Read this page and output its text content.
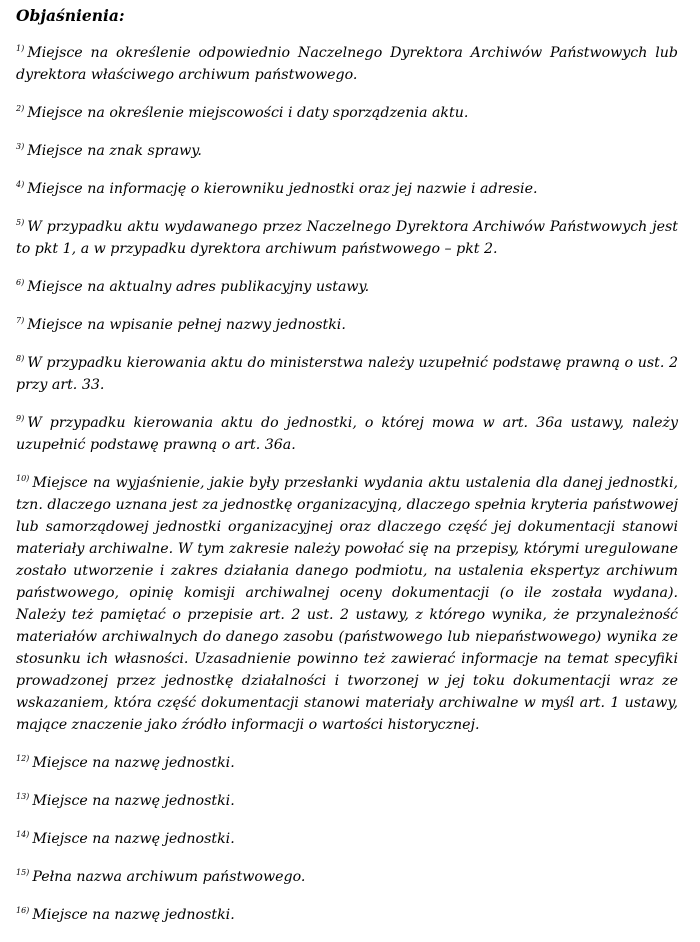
Objaśnienia:

$^{1)}$ Miejsce na określenie odpowiednio Naczelnego Dyrektora Archiwów Państwowych lub dyrektora właściwego archiwum państwowego.

$^{2)}$ Miejsce na określenie miejscowości i daty sporządzenia aktu.

$^{3)}$ Miejsce na znak sprawy.

$^{4)}$ Miejsce na informację o kierowniku jednostki oraz jej nazwie i adresie.

$^{5)}$ W przypadku aktu wydawanego przez Naczelnego Dyrektora Archiwów Państwowych jest to pkt 1, a w przypadku dyrektora archiwum państwowego – pkt 2.

$^{6)}$ Miejsce na aktualny adres publikacyjny ustawy.

$^{7)}$ Miejsce na wpisanie pełnej nazwy jednostki.

$^{8)}$ W przypadku kierowania aktu do ministerstwa należy uzupełnić podstawę prawną o ust. 2 przy art. 33.

$^{9)}$ W przypadku kierowania aktu do jednostki, o której mowa w art. 36a ustawy, należy uzupełnić podstawę prawną o art. 36a.

$^{10)}$ Miejsce na wyjaśnienie, jakie były przesłanki wydania aktu ustalenia dla danej jednostki, tzn. dlaczego uznana jest za jednostkę organizacyjną, dlaczego spełnia kryteria państwowej lub samorządowej jednostki organizacyjnej oraz dlaczego część jej dokumentacji stanowi materiały archiwalne. W tym zakresie należy powołać się na przepisy, którymi uregulowane zostało utworzenie i zakres działania danego podmiotu, na ustalenia ekspertyz archiwum państwowego, opinię komisji archiwalnej oceny dokumentacji (o ile została wydana). Należy też pamiętać o przepisie art. 2 ust. 2 ustawy, z którego wynika, że przynależność materiałów archiwalnych do danego zasobu (państwowego lub niepaństwowego) wynika ze stosunku ich własności. Uzasadnienie powinno też zawierać informacje na temat specyfiki prowadzonej przez jednostkę działalności i tworzonej w jej toku dokumentacji wraz ze wskazaniem, która część dokumentacji stanowi materiały archiwalne w myśl art. 1 ustawy, mające znaczenie jako źródło informacji o wartości historycznej.

$^{12)}$ Miejsce na nazwę jednostki.

$^{13)}$ Miejsce na nazwę jednostki.

$^{14)}$ Miejsce na nazwę jednostki.

$^{15)}$ Pełna nazwa archiwum państwowego.

$^{16)}$ Miejsce na nazwę jednostki.
